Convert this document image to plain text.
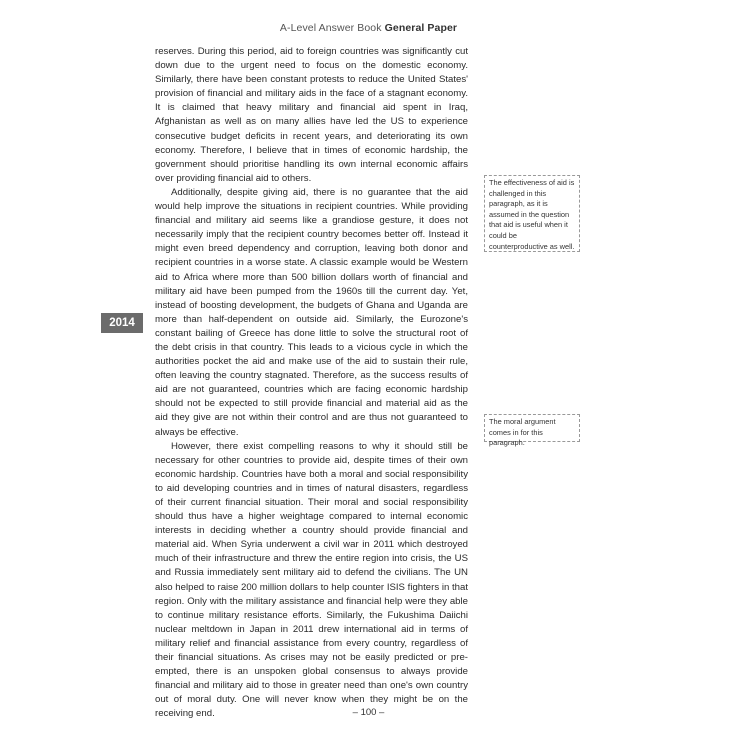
A-Level Answer Book General Paper
2014

reserves. During this period, aid to foreign countries was significantly cut down due to the urgent need to focus on the domestic economy. Similarly, there have been constant protests to reduce the United States' provision of financial and military aids in the face of a stagnant economy. It is claimed that heavy military and financial aid spent in Iraq, Afghanistan as well as on many allies have led the US to experience consecutive budget deficits in recent years, and deteriorating its own economy. Therefore, I believe that in times of economic hardship, the government should prioritise handling its own internal economic affairs over providing financial aid to others.

Additionally, despite giving aid, there is no guarantee that the aid would help improve the situations in recipient countries. While providing financial and military aid seems like a grandiose gesture, it does not necessarily imply that the recipient country becomes better off. Instead it might even breed dependency and corruption, leaving both donor and recipient countries in a worse state. A classic example would be Western aid to Africa where more than 500 billion dollars worth of financial and military aid have been pumped from the 1960s till the current day. Yet, instead of boosting development, the budgets of Ghana and Uganda are more than half-dependent on outside aid. Similarly, the Eurozone's constant bailing of Greece has done little to solve the structural root of the debt crisis in that country. This leads to a vicious cycle in which the authorities pocket the aid and make use of the aid to sustain their rule, often leaving the country stagnated. Therefore, as the success results of aid are not guaranteed, countries which are facing economic hardship should not be expected to still provide financial and material aid as the aid they give are not within their control and are thus not guaranteed to always be effective.

However, there exist compelling reasons to why it should still be necessary for other countries to provide aid, despite times of their own economic hardship. Countries have both a moral and social responsibility to aid developing countries and in times of natural disasters, regardless of their current financial situation. Their moral and social responsibility should thus have a higher weightage compared to internal economic interests in deciding whether a country should provide financial and material aid. When Syria underwent a civil war in 2011 which destroyed much of their infrastructure and threw the entire region into crisis, the US and Russia immediately sent military aid to defend the civilians. The UN also helped to raise 200 million dollars to help counter ISIS fighters in that region. Only with the military assistance and financial help were they able to continue military resistance efforts. Similarly, the Fukushima Daiichi nuclear meltdown in Japan in 2011 drew international aid in terms of military relief and financial assistance from every country, regardless of their financial situations. As crises may not be easily predicted or pre-empted, there is an unspoken global consensus to always provide financial and military aid to those in greater need than one's own country out of moral duty. One will never know when they might be on the receiving end.

The effectiveness of aid is challenged in this paragraph, as it is assumed in the question that aid is useful when it could be counterproductive as well.
The moral argument comes in for this paragraph.
– 100 –
